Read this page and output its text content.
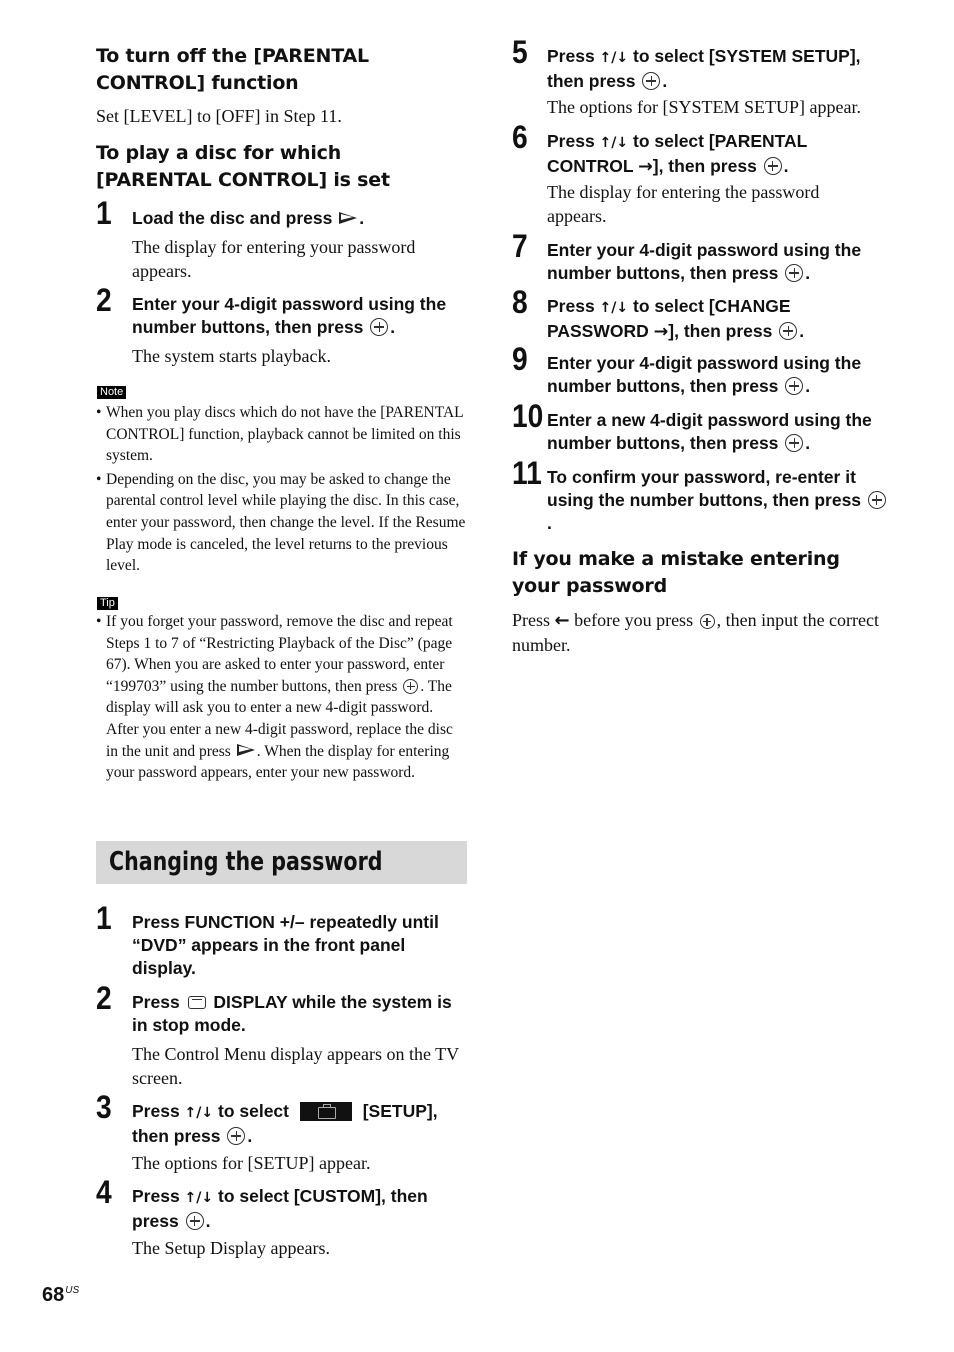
To turn off the [PARENTAL CONTROL] function
Set [LEVEL] to [OFF] in Step 11.
To play a disc for which [PARENTAL CONTROL] is set
1 Load the disc and press .
The display for entering your password appears.
2 Enter your 4-digit password using the number buttons, then press .
The system starts playback.
Note
• When you play discs which do not have the [PARENTAL CONTROL] function, playback cannot be limited on this system.
• Depending on the disc, you may be asked to change the parental control level while playing the disc. In this case, enter your password, then change the level. If the Resume Play mode is canceled, the level returns to the previous level.
Tip
• If you forget your password, remove the disc and repeat Steps 1 to 7 of “Restricting Playback of the Disc” (page 67). When you are asked to enter your password, enter “199703” using the number buttons, then press . The display will ask you to enter a new 4-digit password. After you enter a new 4-digit password, replace the disc in the unit and press . When the display for entering your password appears, enter your new password.
Changing the password
1 Press FUNCTION +/– repeatedly until “DVD” appears in the front panel display.
2 Press  DISPLAY while the system is in stop mode.
The Control Menu display appears on the TV screen.
3 Press ↑/↓ to select	[SETUP], then press .
The options for [SETUP] appear.
4 Press ↑/↓ to select [CUSTOM], then press .
The Setup Display appears.
5 Press ↑/↓ to select [SYSTEM SETUP], then press .
The options for [SYSTEM SETUP] appear.
6 Press ↑/↓ to select [PARENTAL CONTROL →], then press .
The display for entering the password appears.
7 Enter your 4-digit password using the number buttons, then press .
8 Press ↑/↓ to select [CHANGE PASSWORD →], then press .
9 Enter your 4-digit password using the number buttons, then press .
10 Enter a new 4-digit password using the number buttons, then press .
11 To confirm your password, re-enter it using the number buttons, then press .
If you make a mistake entering your password
Press ← before you press , then input the correct number.
$68^{US}$
